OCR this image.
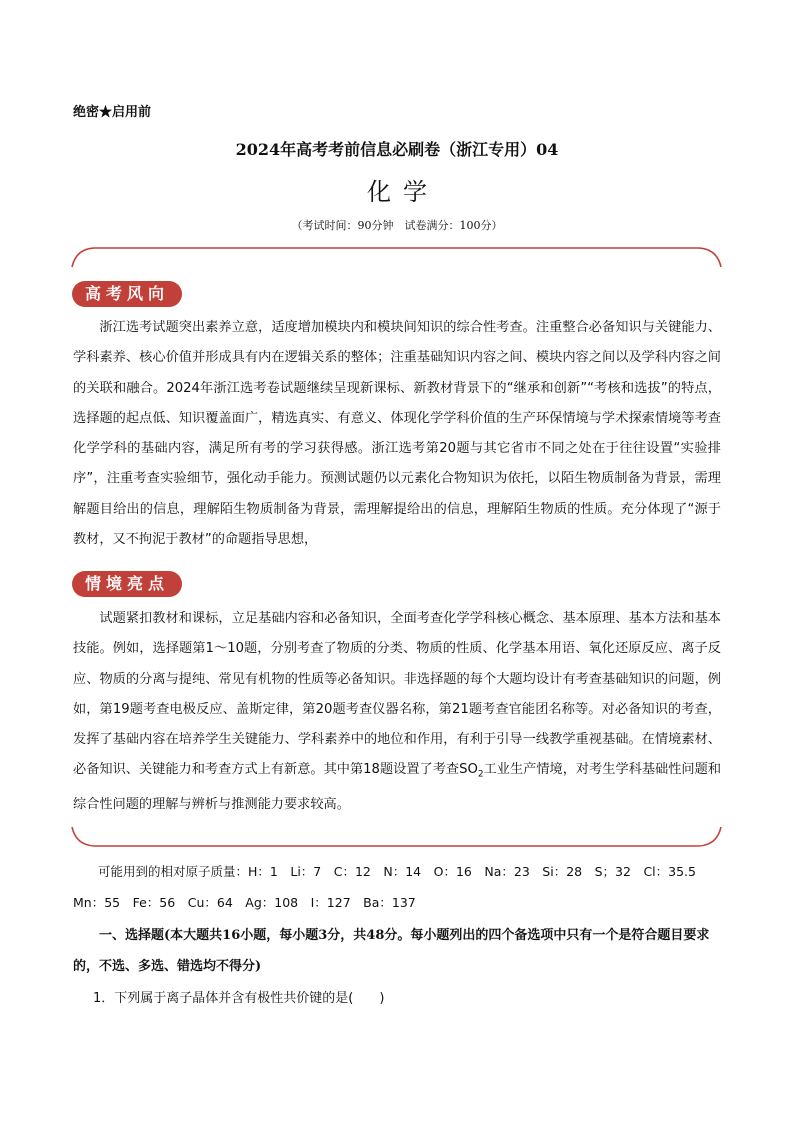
绝密★启用前
2024年高考考前信息必刷卷（浙江专用）04
化学
（考试时间：90分钟　试卷满分：100分）
高考风向
浙江选考试题突出素养立意，适度增加模块内和模块间知识的综合性考查。注重整合必备知识与关键能力、学科素养、核心价值并形成具有内在逻辑关系的整体；注重基础知识内容之间、模块内容之间以及学科内容之间的关联和融合。2024年浙江选考卷试题继续呈现新课标、新教材背景下的“继承和创新”“考核和选拔”的特点，选择题的起点低、知识覆盖面广，精选真实、有意义、体现化学学科价值的生产环保情境与学术探索情境等考查化学学科的基础内容，满足所有考的学习获得感。浙江选考第20题与其它省市不同之处在于往往设置“实验排序”，注重考查实验细节，强化动手能力。预测试题仍以元素化合物知识为依托，以陌生物质制备为背景，需理解题目给出的信息，理解陌生物质制备为背景，需理解提给出的信息，理解陌生物质的性质。充分体现了“源于教材，又不拘泥于教材”的命题指导思想，
情境亮点
试题紧扣教材和课标，立足基础内容和必备知识，全面考查化学学科核心概念、基本原理、基本方法和基本技能。例如，选择题第1～10题，分别考查了物质的分类、物质的性质、化学基本用语、氧化还原反应、离子反应、物质的分离与提纯、常见有机物的性质等必备知识。非选择题的每个大题均设计有考查基础知识的问题，例如，第19题考查电极反应、盖斯定律，第20题考查仪器名称，第21题考查官能团名称等。对必备知识的考查，发挥了基础内容在培养学生关键能力、学科素养中的地位和作用，有利于引导一线教学重视基础。在情境素材、必备知识、关键能力和考查方式上有新意。其中第18题设置了考查$SO_2$工业生产情境，对考生学科基础性问题和综合性问题的理解与辨析与推测能力要求较高。
可能用到的相对原子质量：H：1　Li：7　C：12　N：14　O：16　Na：23　Si：28　S；32　Cl：35.5　Mn：55　Fe：56　Cu：64　Ag：108　I：127　Ba：137
一、选择题(本大题共16小题，每小题3分，共48分。每小题列出的四个备选项中只有一个是符合题目要求的，不选、多选、错选均不得分)
1．下列属于离子晶体并含有极性共价键的是(　　)
